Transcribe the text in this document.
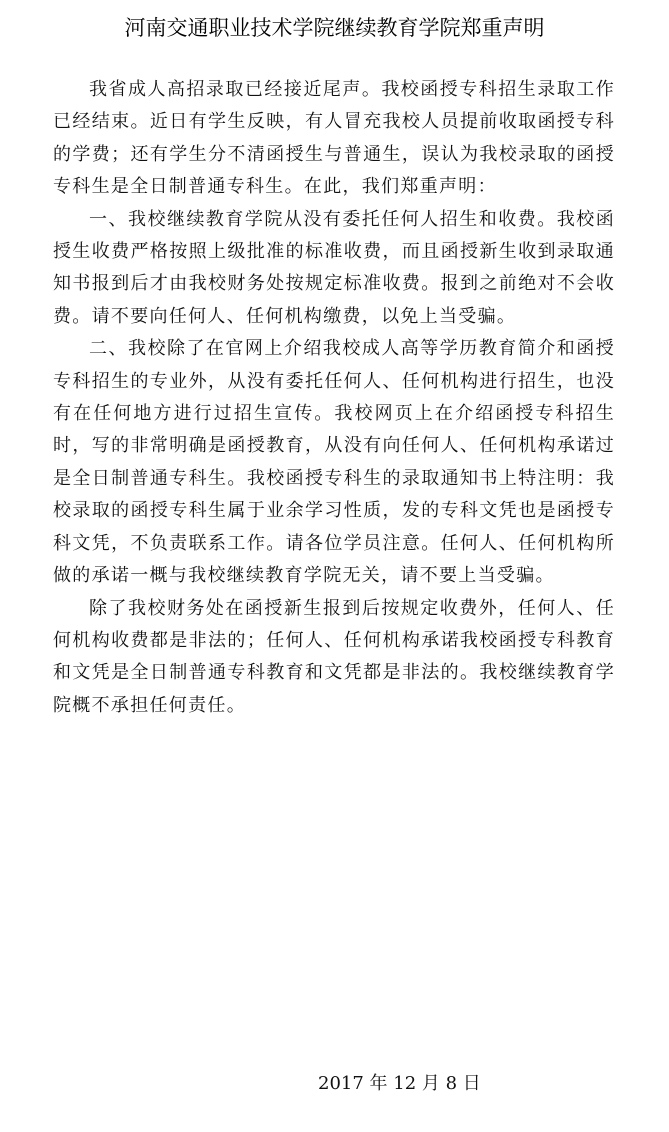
河南交通职业技术学院继续教育学院郑重声明

我省成人高招录取已经接近尾声。我校函授专科招生录取工作已经结束。近日有学生反映，有人冒充我校人员提前收取函授专科的学费；还有学生分不清函授生与普通生，误认为我校录取的函授专科生是全日制普通专科生。在此，我们郑重声明：

一、我校继续教育学院从没有委托任何人招生和收费。我校函授生收费严格按照上级批准的标准收费，而且函授新生收到录取通知书报到后才由我校财务处按规定标准收费。报到之前绝对不会收费。请不要向任何人、任何机构缴费，以免上当受骗。

二、我校除了在官网上介绍我校成人高等学历教育简介和函授专科招生的专业外，从没有委托任何人、任何机构进行招生，也没有在任何地方进行过招生宣传。我校网页上在介绍函授专科招生时，写的非常明确是函授教育，从没有向任何人、任何机构承诺过是全日制普通专科生。我校函授专科生的录取通知书上特注明：我校录取的函授专科生属于业余学习性质，发的专科文凭也是函授专科文凭，不负责联系工作。请各位学员注意。任何人、任何机构所做的承诺一概与我校继续教育学院无关，请不要上当受骗。

除了我校财务处在函授新生报到后按规定收费外，任何人、任何机构收费都是非法的；任何人、任何机构承诺我校函授专科教育和文凭是全日制普通专科教育和文凭都是非法的。我校继续教育学院概不承担任何责任。

2017 年 12 月 8 日
